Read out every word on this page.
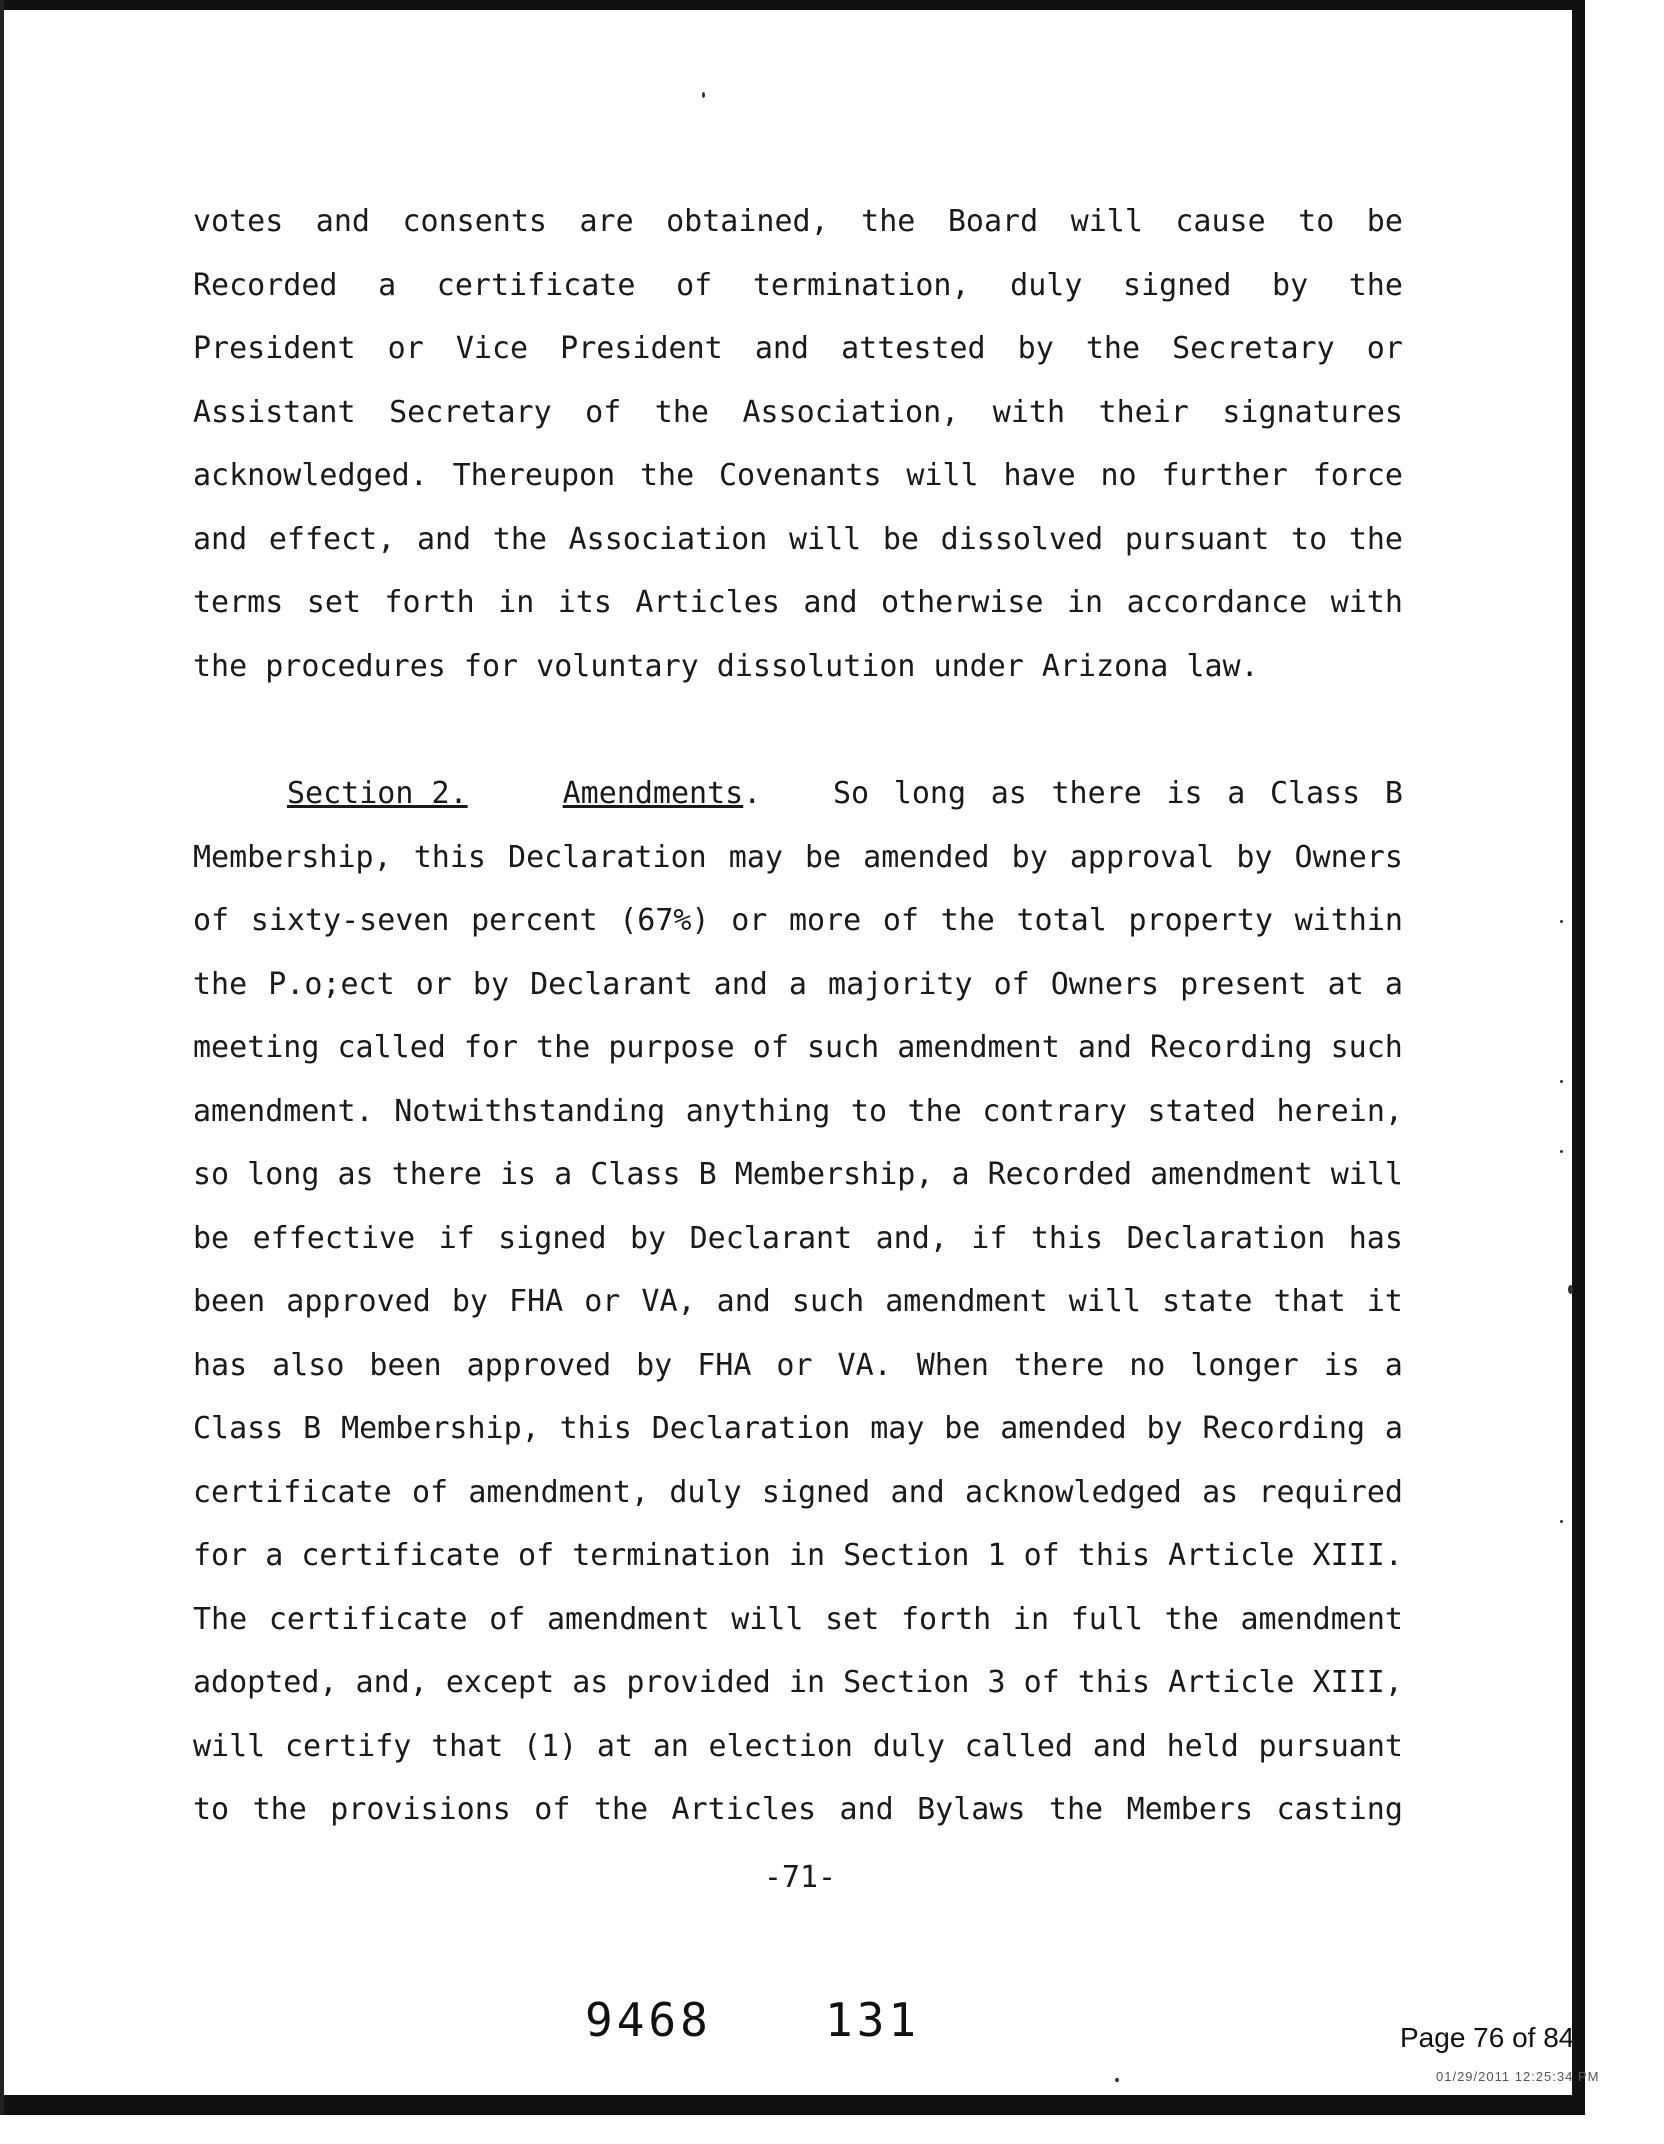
votes and consents are obtained, the Board will cause to be
Recorded a certificate of termination, duly signed by the
President or Vice President and attested by the Secretary or
Assistant Secretary of the Association, with their signatures
acknowledged. Thereupon the Covenants will have no further force
and effect, and the Association will be dissolved pursuant to the
terms set forth in its Articles and otherwise in accordance with
the procedures for voluntary dissolution under Arizona law.
Section 2.	Amendments . So long as there is a Class B
Membership, this Declaration may be amended by approval by Owners
of sixty-seven percent (67%) or more of the total property within
the P.o;ect or by Declarant and a majority of Owners present at a
meeting called for the purpose of such amendment and Recording such
amendment. Notwithstanding anything to the contrary stated herein,
so long as there is a Class B Membership, a Recorded amendment will
be effective if signed by Declarant and, if this Declaration has
been approved by FHA or VA, and such amendment will state that it
has also been approved by FHA or VA. When there no longer is a
Class B Membership, this Declaration may be amended by Recording a
certificate of amendment, duly signed and acknowledged as required
for a certificate of termination in Section 1 of this Article XIII.
The certificate of amendment will set forth in full the amendment
adopted, and, except as provided in Section 3 of this Article XIII,
will certify that (1) at an election duly called and held pursuant
to the provisions of the Articles and Bylaws the Members casting
-71-
9468 131	Page 76 of 84
01/29/2011 12:25:34 PM
